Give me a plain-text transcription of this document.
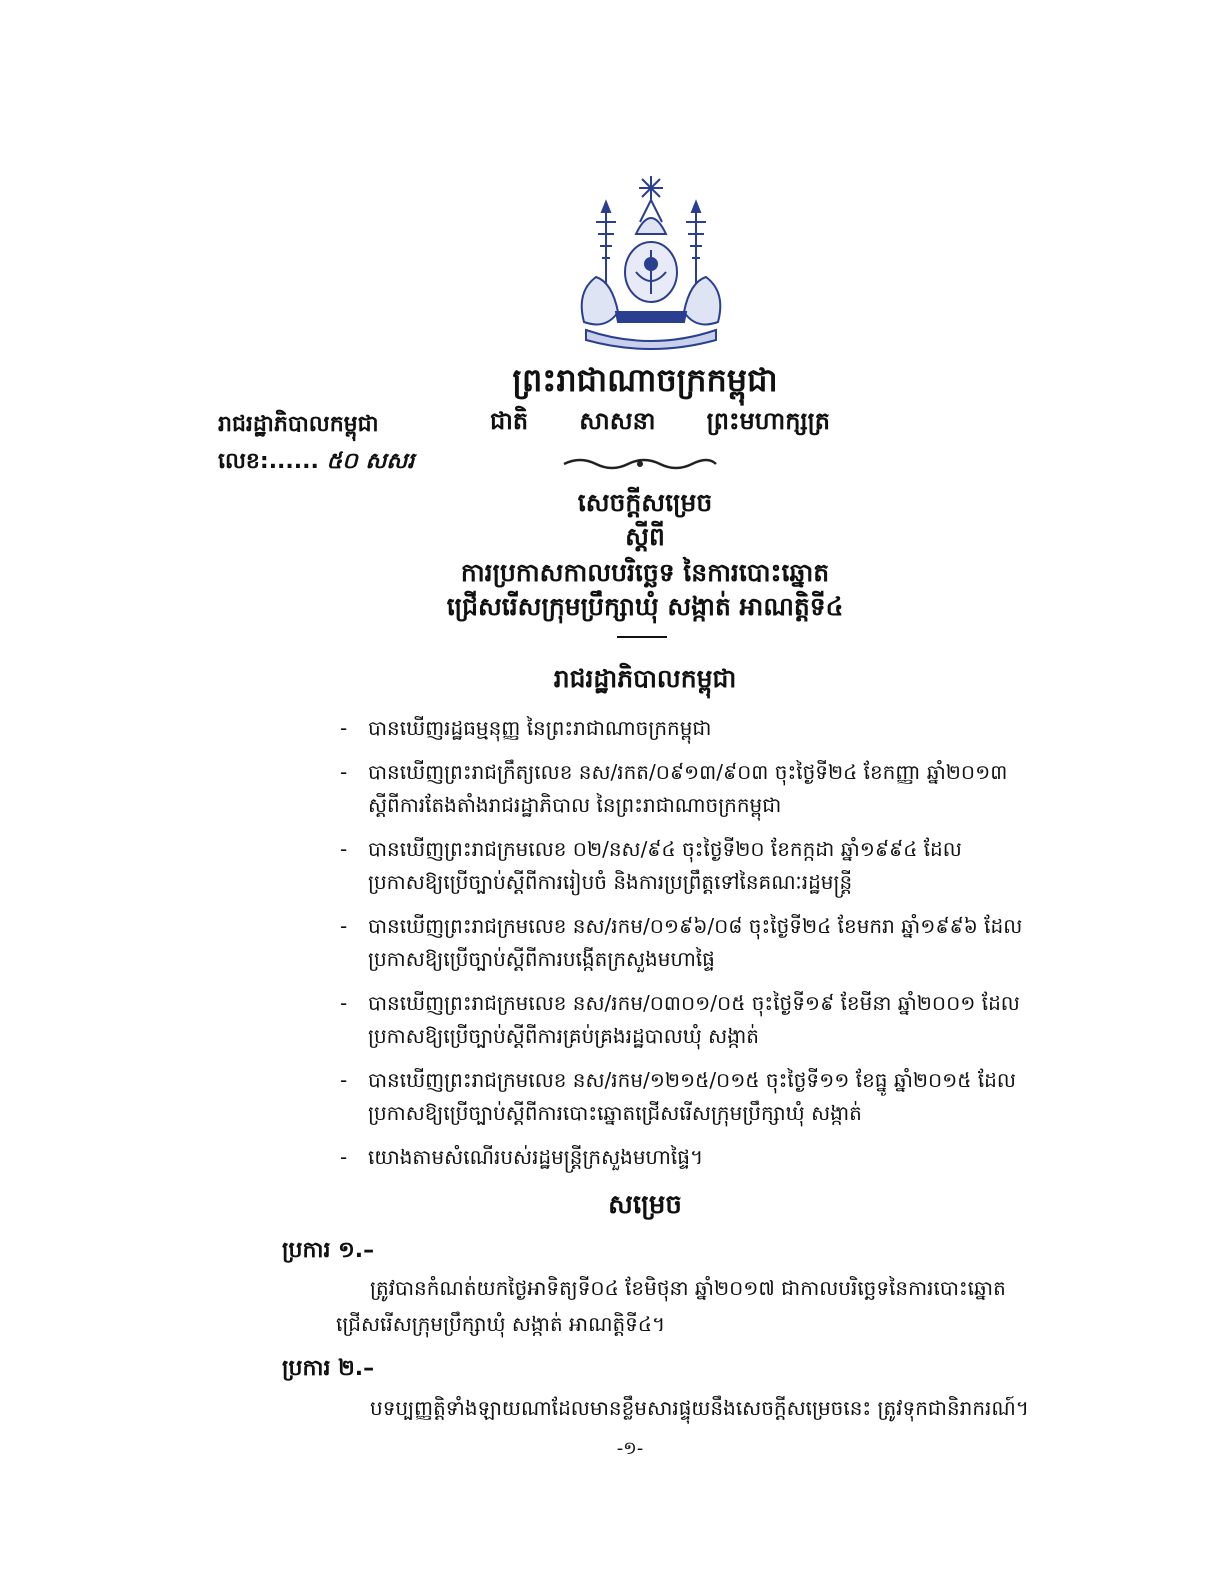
ព្រះរាជាណាចក្រកម្ពុជា
ជាតិ សាសនា ព្រះមហាក្សត្រ
រាជរដ្ឋាភិបាលកម្ពុជា
លេខ:...... ៥០ សសរ
សេចក្តីសម្រេច
ស្តីពី
ការប្រកាសកាលបរិច្ឆេទ នៃការបោះឆ្នោត
ជ្រើសរើសក្រុមប្រឹក្សាឃុំ សង្កាត់ អាណត្តិទី៤
រាជរដ្ឋាភិបាលកម្ពុជា
- បានឃើញរដ្ឋធម្មនុញ្ញ នៃព្រះរាជាណាចក្រកម្ពុជា
- បានឃើញព្រះរាជក្រឹត្យលេខ នស/រកត/០៩១៣/៩០៣ ចុះថ្ងៃទី២៤ ខែកញ្ញា ឆ្នាំ២០១៣ ស្តីពីការតែងតាំងរាជរដ្ឋាភិបាល នៃព្រះរាជាណាចក្រកម្ពុជា
- បានឃើញព្រះរាជក្រមលេខ ០២/នស/៩៤ ចុះថ្ងៃទី២០ ខែកក្កដា ឆ្នាំ១៩៩៤ ដែលប្រកាសឱ្យប្រើច្បាប់ស្តីពីការរៀបចំ និងការប្រព្រឹត្តទៅនៃគណៈរដ្ឋមន្ត្រី
- បានឃើញព្រះរាជក្រមលេខ នស/រកម/០១៩៦/០៨ ចុះថ្ងៃទី២៤ ខែមករា ឆ្នាំ១៩៩៦ ដែលប្រកាសឱ្យប្រើច្បាប់ស្តីពីការបង្កើតក្រសួងមហាផ្ទៃ
- បានឃើញព្រះរាជក្រមលេខ នស/រកម/០៣០១/០៥ ចុះថ្ងៃទី១៩ ខែមីនា ឆ្នាំ២០០១ ដែលប្រកាសឱ្យប្រើច្បាប់ស្តីពីការគ្រប់គ្រងរដ្ឋបាលឃុំ សង្កាត់
- បានឃើញព្រះរាជក្រមលេខ នស/រកម/១២១៥/០១៥ ចុះថ្ងៃទី១១ ខែធ្នូ ឆ្នាំ២០១៥ ដែលប្រកាសឱ្យប្រើច្បាប់ស្តីពីការបោះឆ្នោតជ្រើសរើសក្រុមប្រឹក្សាឃុំ សង្កាត់
- យោងតាមសំណើរបស់រដ្ឋមន្ត្រីក្រសួងមហាផ្ទៃ។
សម្រេច
ប្រការ ១.–
ត្រូវបានកំណត់យកថ្ងៃអាទិត្យទី០៤ ខែមិថុនា ឆ្នាំ២០១៧ ជាកាលបរិច្ឆេទនៃការបោះឆ្នោតជ្រើសរើសក្រុមប្រឹក្សាឃុំ សង្កាត់ អាណត្តិទី៤។
ប្រការ ២.–
បទប្បញ្ញត្តិទាំងឡាយណាដែលមានខ្លឹមសារផ្ទុយនឹងសេចក្តីសម្រេចនេះ ត្រូវទុកជានិរាករណ៍។
-១-
